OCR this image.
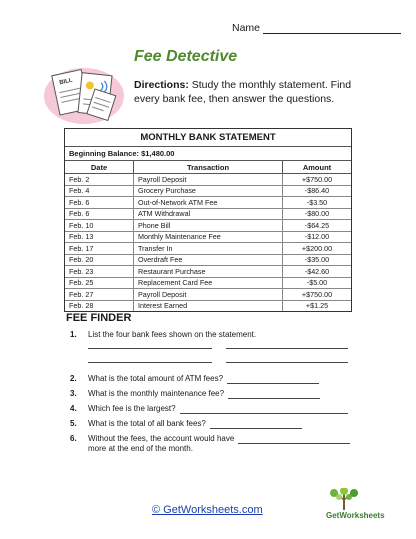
Name
BILL
Fee Detective
Directions: Study the monthly statement. Find every bank fee, then answer the questions.
MONTHLY BANK STATEMENT
Beginning Balance: $1,480.00
Date	Transaction	Amount
Feb. 2	Payroll Deposit	+$750.00
Feb. 4	Grocery Purchase	-$86.40
Feb. 6	Out-of-Network ATM Fee	-$3.50
Feb. 6	ATM Withdrawal	-$80.00
Feb. 10	Phone Bill	-$64.25
Feb. 13	Monthly Maintenance Fee	-$12.00
Feb. 17	Transfer In	+$200.00
Feb. 20	Overdraft Fee	-$35.00
Feb. 23	Restaurant Purchase	-$42.60
Feb. 25	Replacement Card Fee	-$5.00
Feb. 27	Payroll Deposit	+$750.00
Feb. 28	Interest Earned	+$1.25
FEE FINDER
1.	List the four bank fees shown on the statement.
2.	What is the total amount of ATM fees?
3.	What is the monthly maintenance fee?
4.	Which fee is the largest?
5.	What is the total of all bank fees?
6.	Without the fees, the account would have
more at the end of the month.
© GetWorksheets.com	GetWorksheets
